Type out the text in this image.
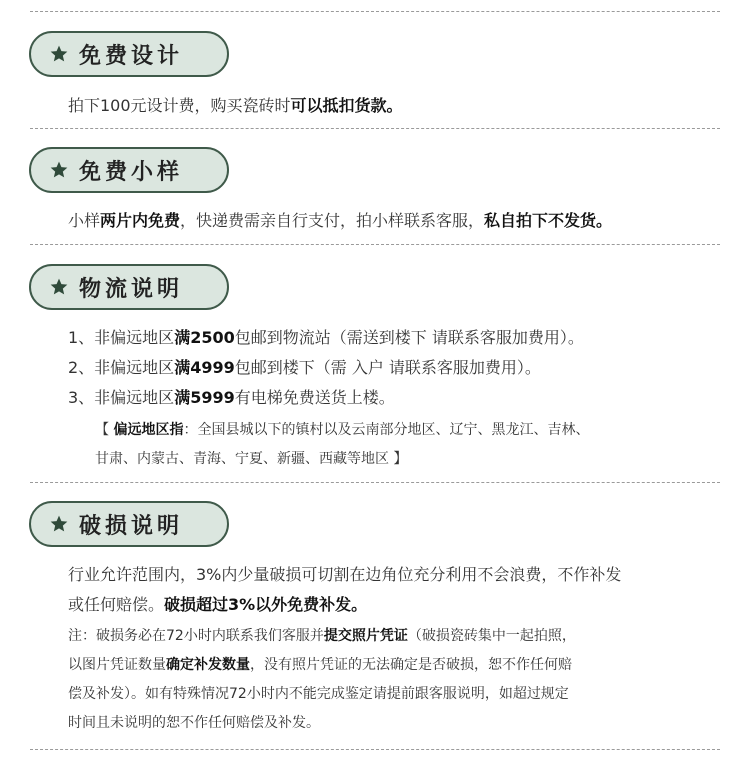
免费设计
拍下100元设计费，购买瓷砖时可以抵扣货款。
免费小样
小样两片内免费，快递费需亲自行支付，拍小样联系客服，私自拍下不发货。
物流说明
1、非偏远地区满2500包邮到物流站（需送到楼下 请联系客服加费用）。
2、非偏远地区满4999包邮到楼下（需 入户 请联系客服加费用）。
3、非偏远地区满5999有电梯免费送货上楼。
【 偏远地区指：全国县城以下的镇村以及云南部分地区、辽宁、黑龙江、吉林、
甘肃、内蒙古、青海、宁夏、新疆、西藏等地区 】
破损说明
行业允许范围内，3%内少量破损可切割在边角位充分利用不会浪费，不作补发
或任何赔偿。破损超过3%以外免费补发。
注：破损务必在72小时内联系我们客服并提交照片凭证（破损瓷砖集中一起拍照，
以图片凭证数量确定补发数量，没有照片凭证的无法确定是否破损，恕不作任何赔
偿及补发）。如有特殊情况72小时内不能完成鉴定请提前跟客服说明，如超过规定
时间且未说明的恕不作任何赔偿及补发。
